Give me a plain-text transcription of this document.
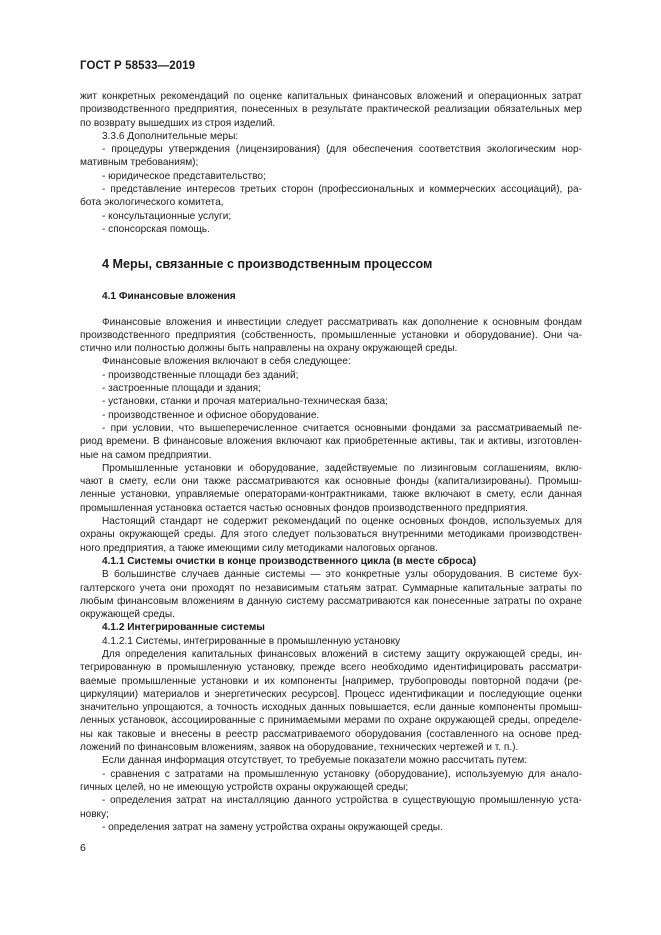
ГОСТ Р 58533—2019
жит конкретных рекомендаций по оценке капитальных финансовых вложений и операционных затрат
производственного предприятия, понесенных в результате практической реализации обязательных мер
по возврату вышедших из строя изделий.
3.3.6 Дополнительные меры:
- процедуры утверждения (лицензирования) (для обеспечения соответствия экологическим нор-
мативным требованиям);
- юридическое представительство;
- представление интересов третьих сторон (профессиональных и коммерческих ассоциаций), ра-
бота экологического комитета,
- консультационные услуги;
- спонсорская помощь.
4 Меры, связанные с производственным процессом
4.1 Финансовые вложения
Финансовые вложения и инвестиции следует рассматривать как дополнение к основным фондам
производственного предприятия (собственность, промышленные установки и оборудование). Они ча-
стично или полностью должны быть направлены на охрану окружающей среды.
Финансовые вложения включают в себя следующее:
- производственные площади без зданий;
- застроенные площади и здания;
- установки, станки и прочая материально-техническая база;
- производственное и офисное оборудование.
- при условии, что вышеперечисленное считается основными фондами за рассматриваемый пе-
риод времени. В финансовые вложения включают как приобретенные активы, так и активы, изготовлен-
ные на самом предприятии.
Промышленные установки и оборудование, задействуемые по лизинговым соглашениям, вклю-
чают в смету, если они также рассматриваются как основные фонды (капитализированы). Промыш-
ленные установки, управляемые операторами-контрактниками, также включают в смету, если данная
промышленная установка остается частью основных фондов производственного предприятия.
Настоящий стандарт не содержит рекомендаций по оценке основных фондов, используемых для
охраны окружающей среды. Для этого следует пользоваться внутренними методиками производствен-
ного предприятия, а также имеющими силу методиками налоговых органов.
4.1.1 Системы очистки в конце производственного цикла (в месте сброса)
В большинстве случаев данные системы — это конкретные узлы оборудования. В системе бух-
галтерского учета они проходят по независимым статьям затрат. Суммарные капитальные затраты по
любым финансовым вложениям в данную систему рассматриваются как понесенные затраты по охране
окружающей среды.
4.1.2 Интегрированные системы
4.1.2.1 Системы, интегрированные в промышленную установку
Для определения капитальных финансовых вложений в систему защиту окружающей среды, ин-
тегрированную в промышленную установку, прежде всего необходимо идентифицировать рассматри-
ваемые промышленные установки и их компоненты [например, трубопроводы повторной подачи (ре-
циркуляции) материалов и энергетических ресурсов]. Процесс идентификации и последующие оценки
значительно упрощаются, а точность исходных данных повышается, если данные компоненты промыш-
ленных установок, ассоциированные с принимаемыми мерами по охране окружающей среды, определе-
ны как таковые и внесены в реестр рассматриваемого оборудования (составленного на основе пред-
ложений по финансовым вложениям, заявок на оборудование, технических чертежей и т. п.).
Если данная информация отсутствует, то требуемые показатели можно рассчитать путем:
- сравнения с затратами на промышленную установку (оборудование), используемую для анало-
гичных целей, но не имеющую устройств охраны окружающей среды;
- определения затрат на инсталляцию данного устройства в существующую промышленную уста-
новку;
- определения затрат на замену устройства охраны окружающей среды.
6
